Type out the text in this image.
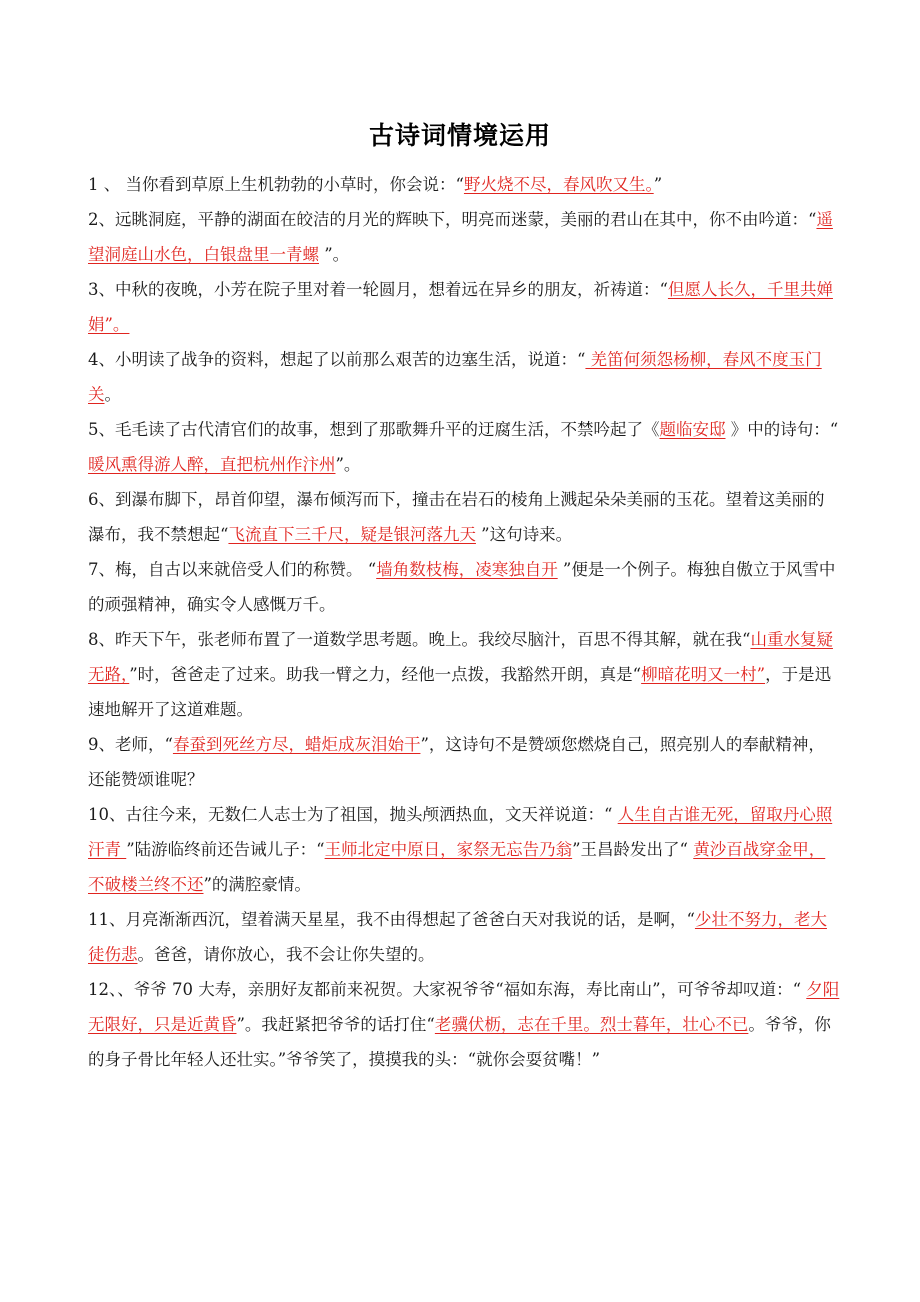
古诗词情境运用
1 、 当你看到草原上生机勃勃的小草时，你会说：“野火烧不尽，春风吹又生。”
2、远眺洞庭，平静的湖面在皎洁的月光的辉映下，明亮而迷蒙，美丽的君山在其中，你不由吟道：“遥望洞庭山水色，白银盘里一青螺 ”。
3、中秋的夜晚，小芳在院子里对着一轮圆月，想着远在异乡的朋友，祈祷道：“但愿人长久，千里共婵娟”。
4、小明读了战争的资料，想起了以前那么艰苦的边塞生活，说道：“ 羌笛何须怨杨柳，春风不度玉门关。
5、毛毛读了古代清官们的故事，想到了那歌舞升平的迂腐生活，不禁吟起了《题临安邸 》中的诗句：“ 暖风熏得游人醉，直把杭州作汴州”。
6、到瀑布脚下，昂首仰望，瀑布倾泻而下，撞击在岩石的棱角上溅起朵朵美丽的玉花。望着这美丽的瀑布，我不禁想起“飞流直下三千尺，疑是银河落九天 ”这句诗来。
7、梅，自古以来就倍受人们的称赞。 “墙角数枝梅，凌寒独自开 ”便是一个例子。梅独自傲立于风雪中的顽强精神，确实令人感慨万千。
8、昨天下午，张老师布置了一道数学思考题。晚上。我绞尽脑汁，百思不得其解，就在我“山重水复疑无路，”时，爸爸走了过来。助我一臂之力，经他一点拨，我豁然开朗，真是“柳暗花明又一村”，于是迅速地解开了这道难题。
9、老师，“春蚕到死丝方尽，蜡炬成灰泪始干”，这诗句不是赞颂您燃烧自己，照亮别人的奉献精神，还能赞颂谁呢？
10、古往今来，无数仁人志士为了祖国，抛头颅洒热血，文天祥说道：“ 人生自古谁无死，留取丹心照汗青 ”陆游临终前还告诫儿子：“王师北定中原日，家祭无忘告乃翁”王昌龄发出了“ 黄沙百战穿金甲，不破楼兰终不还”的满腔豪情。
11、月亮渐渐西沉，望着满天星星，我不由得想起了爸爸白天对我说的话，是啊，“少壮不努力，老大徒伤悲。爸爸，请你放心，我不会让你失望的。
12、、爷爷 70 大寿，亲朋好友都前来祝贺。大家祝爷爷“福如东海，寿比南山”，可爷爷却叹道：“ 夕阳无限好，只是近黄昏”。我赶紧把爷爷的话打住“老骥伏枥，志在千里。烈士暮年，壮心不已。爷爷，你的身子骨比年轻人还壮实。”爷爷笑了，摸摸我的头：“就你会耍贫嘴！”
